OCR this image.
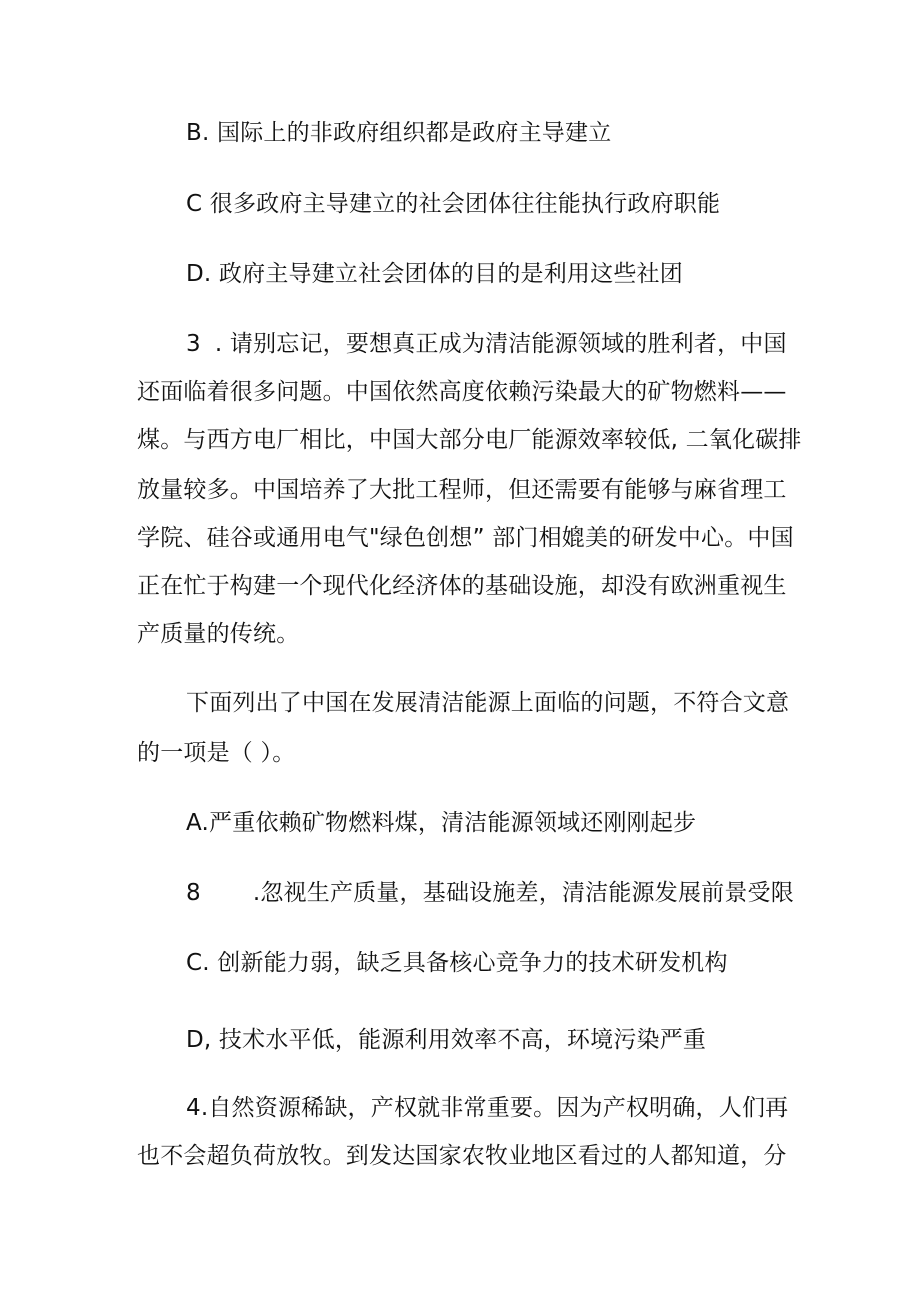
B. 国际上的非政府组织都是政府主导建立
C 很多政府主导建立的社会团体往往能执行政府职能
D. 政府主导建立社会团体的目的是利用这些社团
3 . 请别忘记，要想真正成为清洁能源领域的胜利者，中国
还面临着很多问题。中国依然高度依赖污染最大的矿物燃料——
煤。与西方电厂相比，中国大部分电厂能源效率较低, 二氧化碳排
放量较多。中国培养了大批工程师，但还需要有能够与麻省理工
学院、硅谷或通用电气"绿色创想” 部门相媲美的研发中心。中国
正在忙于构建一个现代化经济体的基础设施，却没有欧洲重视生
产质量的传统。
下面列出了中国在发展清洁能源上面临的问题，不符合文意
的一项是（ ）。
A.严重依赖矿物燃料煤，清洁能源领域还刚刚起步
8 .忽视生产质量，基础设施差，清洁能源发展前景受限
C. 创新能力弱，缺乏具备核心竞争力的技术研发机构
D, 技术水平低，能源利用效率不高，环境污染严重
4.自然资源稀缺，产权就非常重要。因为产权明确，人们再
也不会超负荷放牧。到发达国家农牧业地区看过的人都知道，分
